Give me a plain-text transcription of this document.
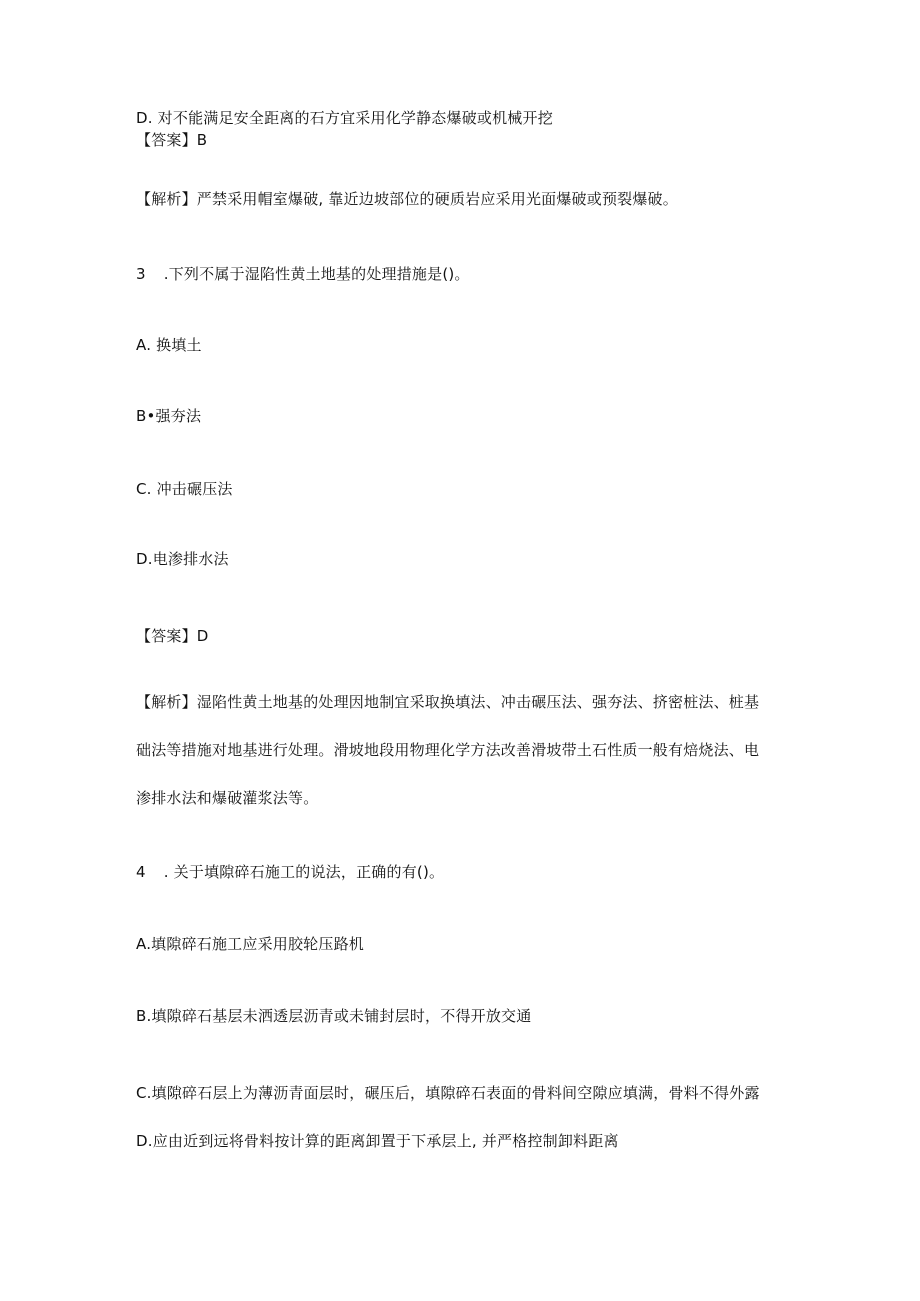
D. 对不能满足安全距离的石方宜采用化学静态爆破或机械开挖
【答案】B
【解析】严禁采用帽室爆破, 靠近边坡部位的硬质岩应采用光面爆破或预裂爆破。
3 .下列不属于湿陷性黄土地基的处理措施是()。
A. 换填土
B•强夯法
C. 冲击碾压法
D.电渗排水法
【答案】D
【解析】湿陷性黄土地基的处理因地制宜采取换填法、冲击碾压法、强夯法、挤密桩法、桩基
础法等措施对地基进行处理。滑坡地段用物理化学方法改善滑坡带土石性质一般有焙烧法、电
渗排水法和爆破灌浆法等。
4 . 关于填隙碎石施工的说法，正确的有()。
A.填隙碎石施工应采用胶轮压路机
B.填隙碎石基层未洒透层沥青或未铺封层时，不得开放交通
C.填隙碎石层上为薄沥青面层时，碾压后，填隙碎石表面的骨料间空隙应填满，骨料不得外露
D.应由近到远将骨料按计算的距离卸置于下承层上, 并严格控制卸料距离
